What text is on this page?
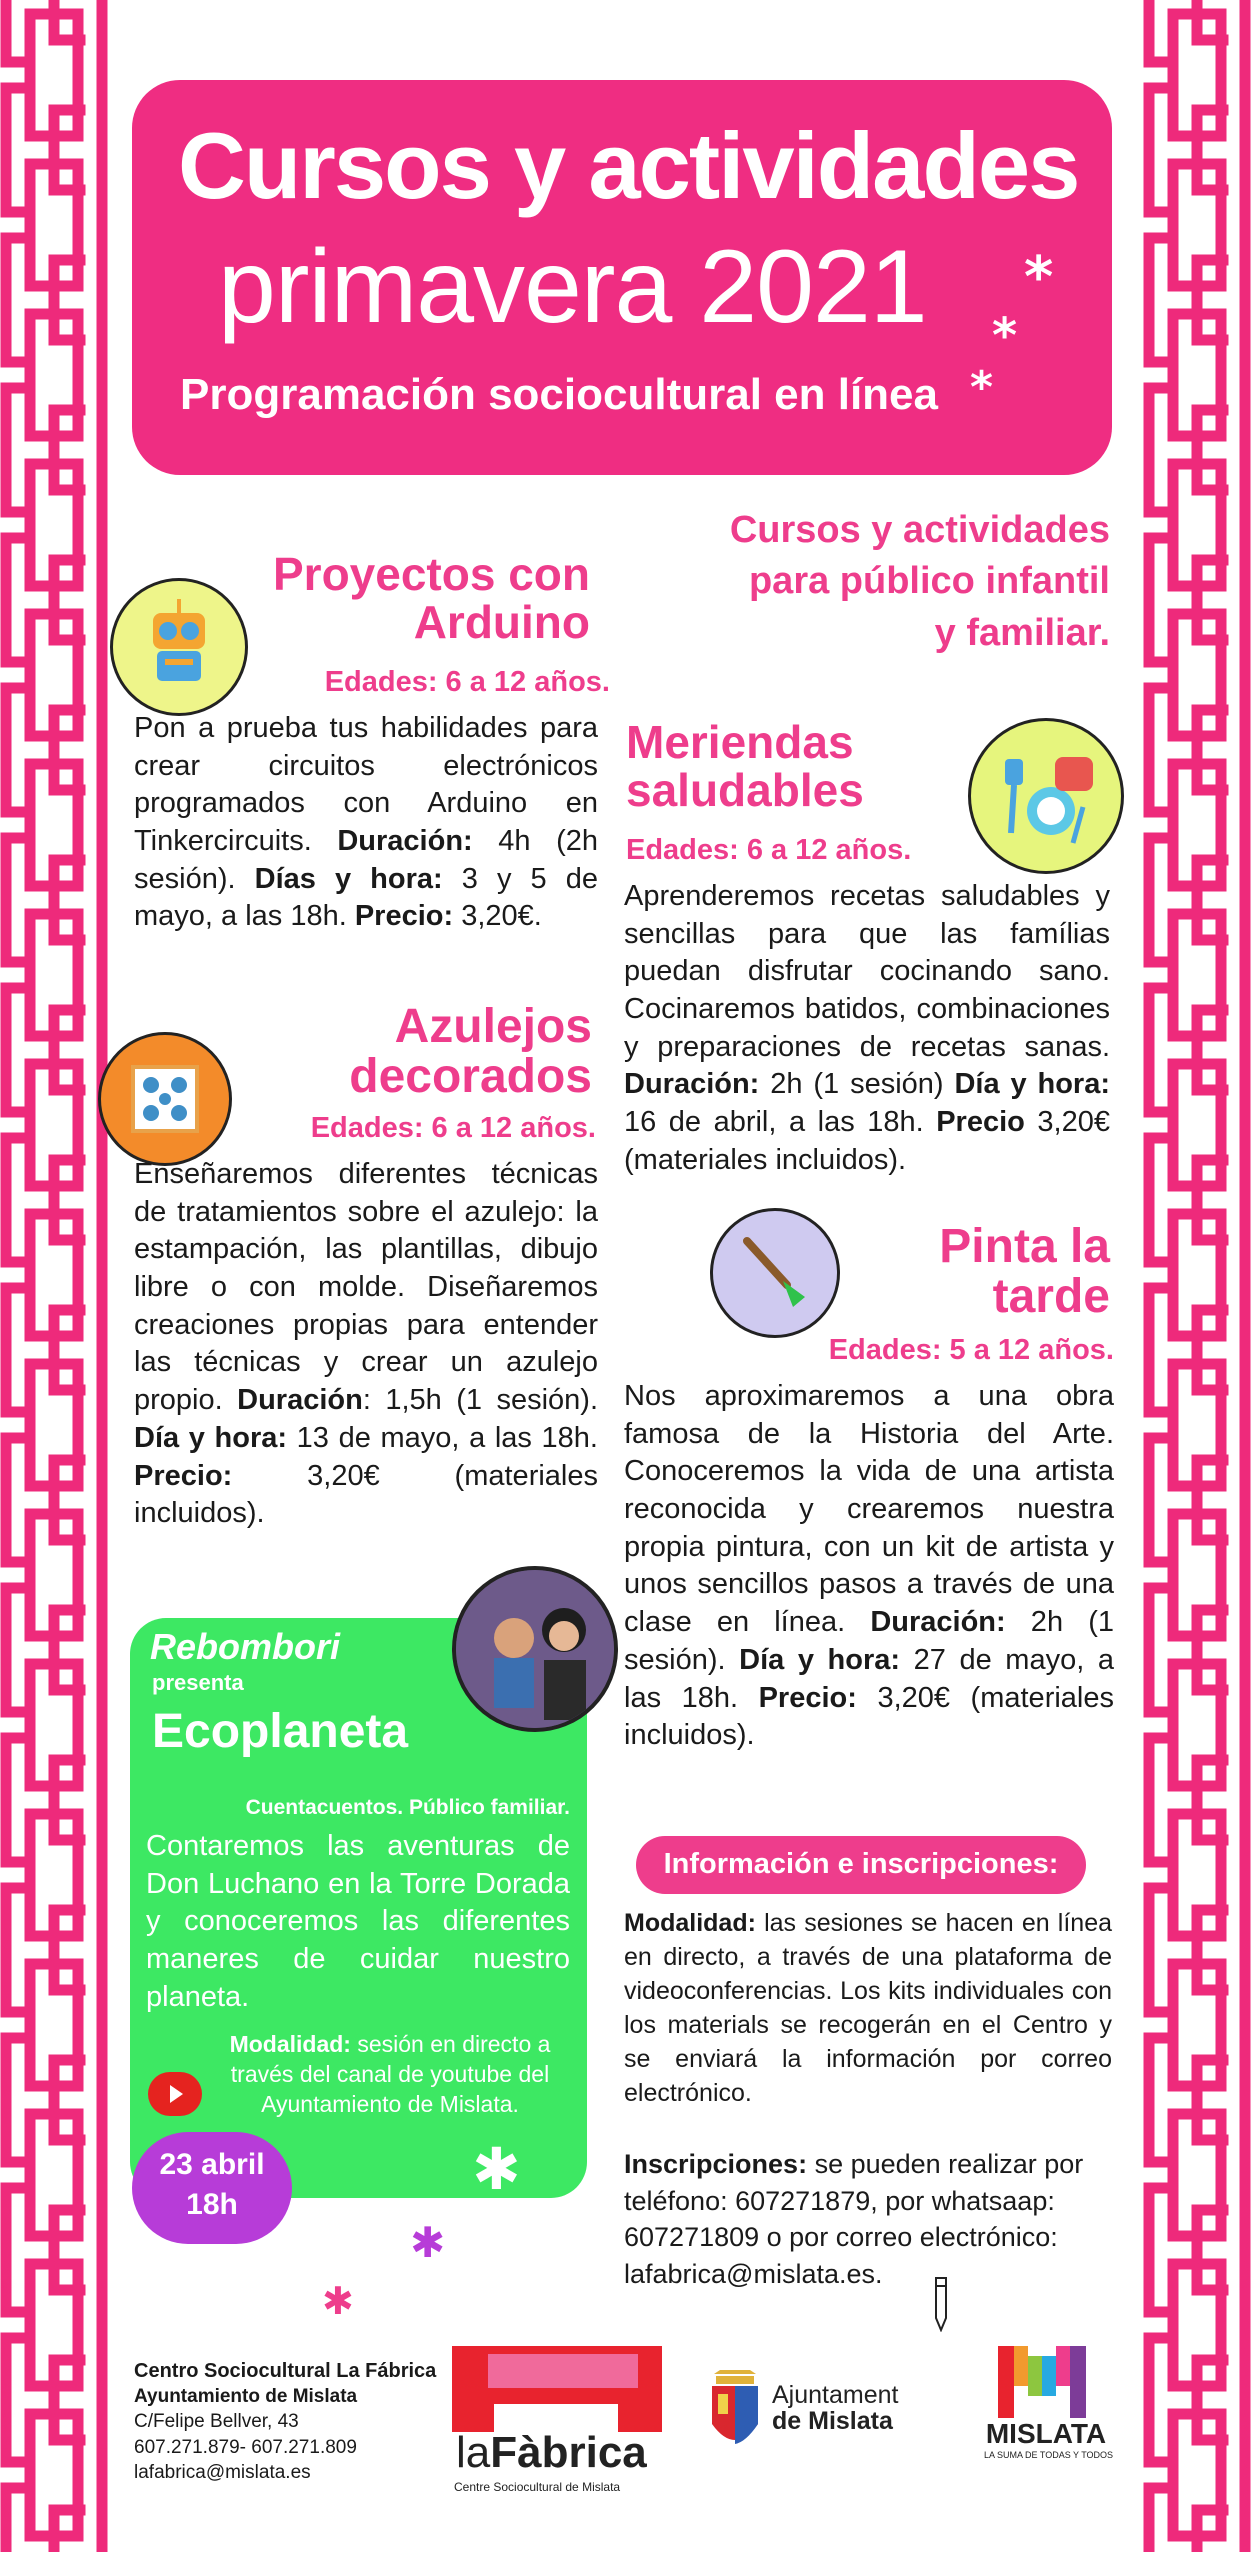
Cursos y actividades
primavera 2021
Programación sociocultural en línea
*
*
*
Cursos y actividades
para público infantil
y familiar.
Proyectos con
Arduino
Edades: 6 a 12 años.
Pon a prueba tus habilidades para crear circuitos electrónicos programados con Arduino en Tinkercircuits. Duración: 4h (2h sesión). Días y hora: 3 y 5 de mayo, a las 18h. Precio: 3,20€.
Meriendas
saludables
Edades: 6 a 12 años.
Aprenderemos recetas saludables y sencillas para que las famílias puedan disfrutar cocinando sano. Cocinaremos batidos, combinaciones y preparaciones de recetas sanas. Duración: 2h (1 sesión) Día y hora: 16 de abril, a las 18h. Precio 3,20€ (materiales incluidos).
Azulejos
decorados
Edades: 6 a 12 años.
Enseñaremos diferentes técnicas de tratamientos sobre el azulejo: la estampación, las plantillas, dibujo libre o con molde. Diseñaremos creaciones propias para entender las técnicas y crear un azulejo propio. Duración: 1,5h (1 sesión). Día y hora: 13 de mayo, a las 18h. Precio: 3,20€ (materiales incluidos).
Pinta la
tarde
Edades: 5 a 12 años.
Nos aproximaremos a una obra famosa de la Historia del Arte. Conoceremos la vida de una artista reconocida y crearemos nuestra propia pintura, con un kit de artista y unos sencillos pasos a través de una clase en línea. Duración: 2h (1 sesión). Día y hora: 27 de mayo, a las 18h. Precio: 3,20€ (materiales incluidos).
Rebombori
presenta
Ecoplaneta
Cuentacuentos. Público familiar.
Contaremos las aventuras de Don Luchano en la Torre Dorada y conoceremos las diferentes maneres de cuidar nuestro planeta.
Modalidad: sesión en directo a través del canal de youtube del Ayuntamiento de Mislata.
23 abril
18h
✱
✱
✱
Información e inscripciones:
Modalidad: las sesiones se hacen en línea en directo, a través de una plataforma de videoconferencias. Los kits individuales con los materials se recogerán en el Centro y se enviará la información por correo electrónico.
Inscripciones: se pueden realizar por teléfono: 607271879, por whatsaap: 607271809 o por correo electrónico: lafabrica@mislata.es.
Centro Sociocultural La Fábrica
Ayuntamiento de Mislata
C/Felipe Bellver, 43
607.271.879- 607.271.809
lafabrica@mislata.es	laFàbrica
Centre Sociocultural de Mislata
Ajuntament
de Mislata	MISLATA
LA SUMA DE TODAS Y TODOS
